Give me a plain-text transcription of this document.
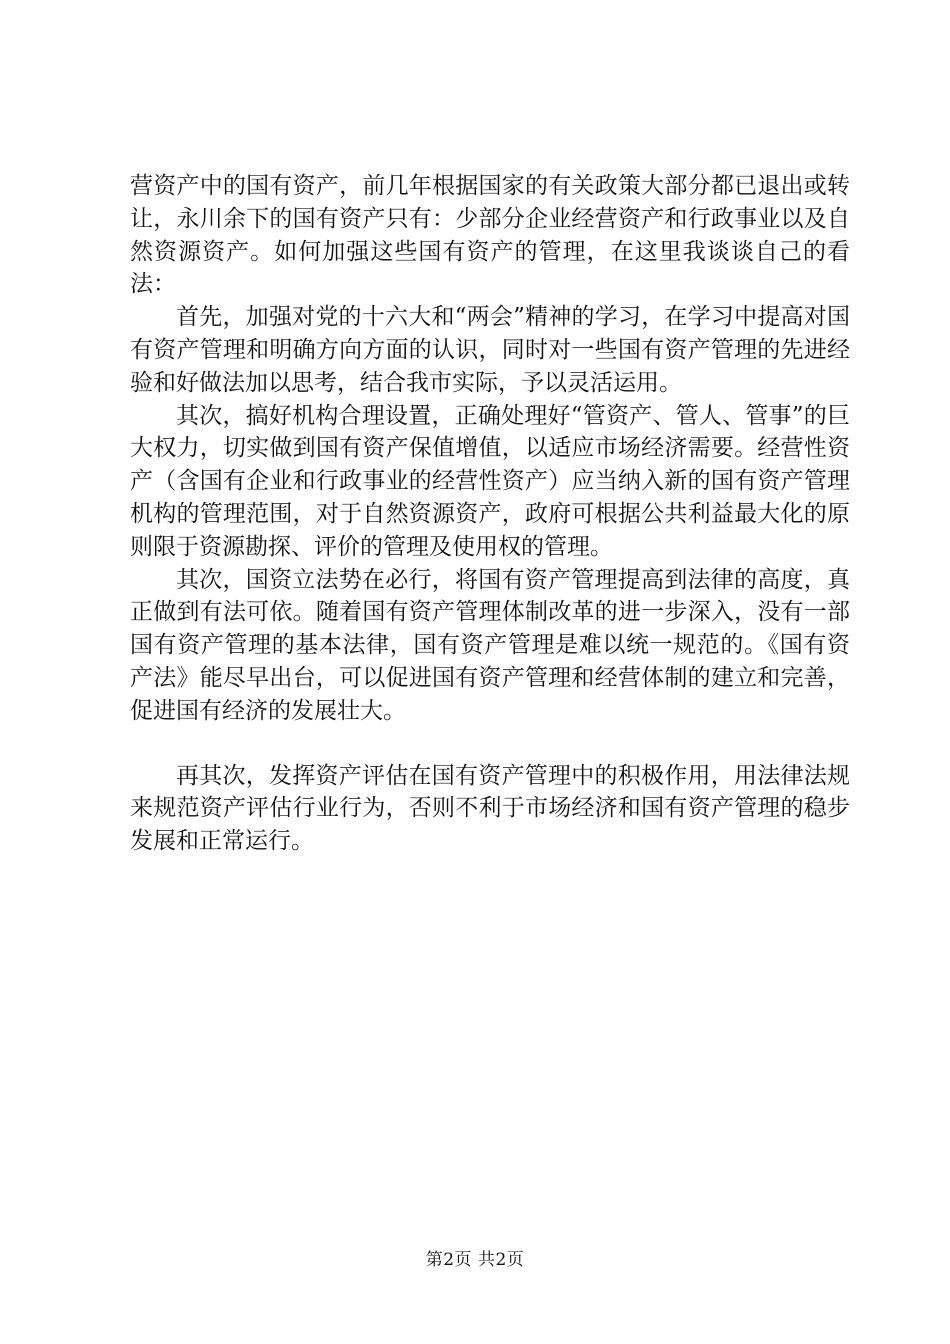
营资产中的国有资产，前几年根据国家的有关政策大部分都已退出或转让，永川余下的国有资产只有：少部分企业经营资产和行政事业以及自然资源资产。如何加强这些国有资产的管理，在这里我谈谈自己的看法：

首先，加强对党的十六大和“两会”精神的学习，在学习中提高对国有资产管理和明确方向方面的认识，同时对一些国有资产管理的先进经验和好做法加以思考，结合我市实际，予以灵活运用。

其次，搞好机构合理设置，正确处理好“管资产、管人、管事”的巨大权力，切实做到国有资产保值增值，以适应市场经济需要。经营性资产（含国有企业和行政事业的经营性资产）应当纳入新的国有资产管理机构的管理范围，对于自然资源资产，政府可根据公共利益最大化的原则限于资源勘探、评价的管理及使用权的管理。

其次，国资立法势在必行，将国有资产管理提高到法律的高度，真正做到有法可依。随着国有资产管理体制改革的进一步深入，没有一部国有资产管理的基本法律，国有资产管理是难以统一规范的。《国有资产法》能尽早出台，可以促进国有资产管理和经营体制的建立和完善，促进国有经济的发展壮大。

再其次，发挥资产评估在国有资产管理中的积极作用，用法律法规来规范资产评估行业行为，否则不利于市场经济和国有资产管理的稳步发展和正常运行。

第2页 共2页
